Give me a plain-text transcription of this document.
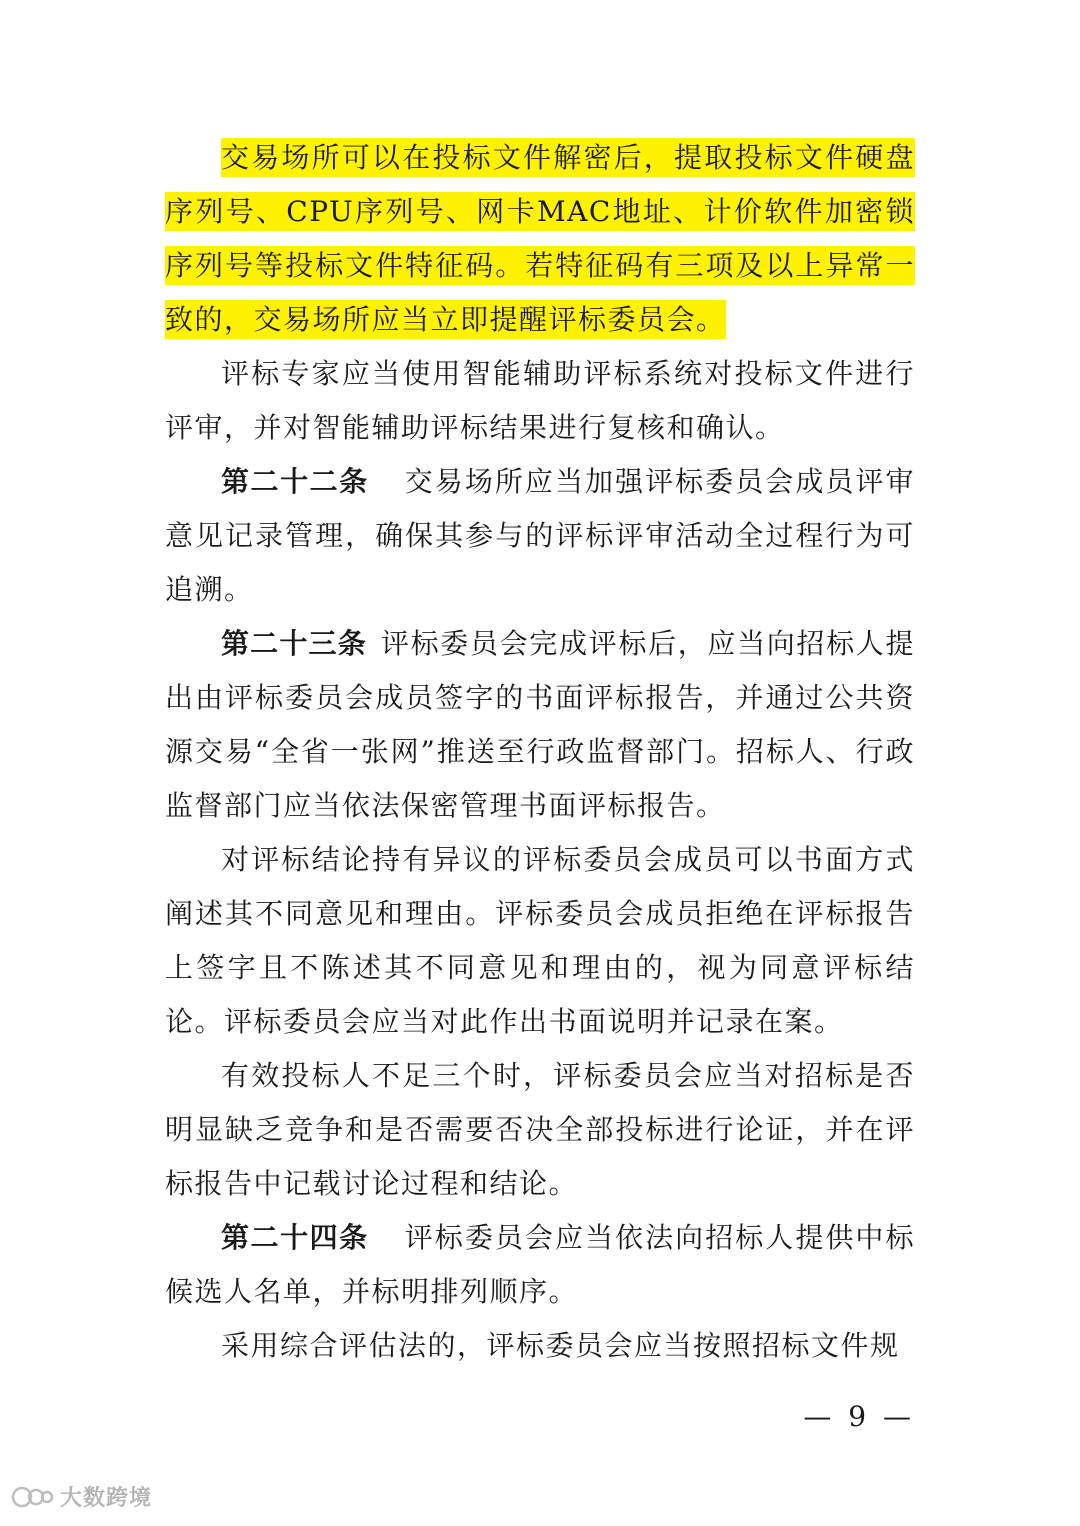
交易场所可以在投标文件解密后，提取投标文件硬盘序列号、CPU序列号、网卡MAC地址、计价软件加密锁序列号等投标文件特征码。若特征码有三项及以上异常一致的，交易场所应当立即提醒评标委员会。

评标专家应当使用智能辅助评标系统对投标文件进行评审，并对智能辅助评标结果进行复核和确认。

第二十二条 交易场所应当加强评标委员会成员评审意见记录管理，确保其参与的评标评审活动全过程行为可追溯。

第二十三条 评标委员会完成评标后，应当向招标人提出由评标委员会成员签字的书面评标报告，并通过公共资源交易“全省一张网”推送至行政监督部门。招标人、行政监督部门应当依法保密管理书面评标报告。

对评标结论持有异议的评标委员会成员可以书面方式阐述其不同意见和理由。评标委员会成员拒绝在评标报告上签字且不陈述其不同意见和理由的，视为同意评标结论。评标委员会应当对此作出书面说明并记录在案。

有效投标人不足三个时，评标委员会应当对招标是否明显缺乏竞争和是否需要否决全部投标进行论证，并在评标报告中记载讨论过程和结论。

第二十四条 评标委员会应当依法向招标人提供中标候选人名单，并标明排列顺序。

采用综合评估法的，评标委员会应当按照招标文件规

— 9 —
大数跨境
